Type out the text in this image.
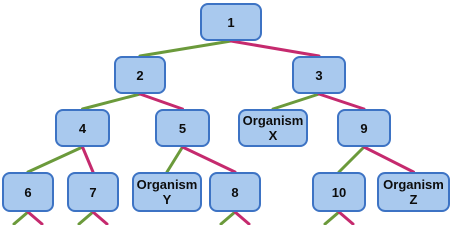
1
2	3
4	5	Organism
X	9
6	7	Organism
Y	8	10	Organism
Z
